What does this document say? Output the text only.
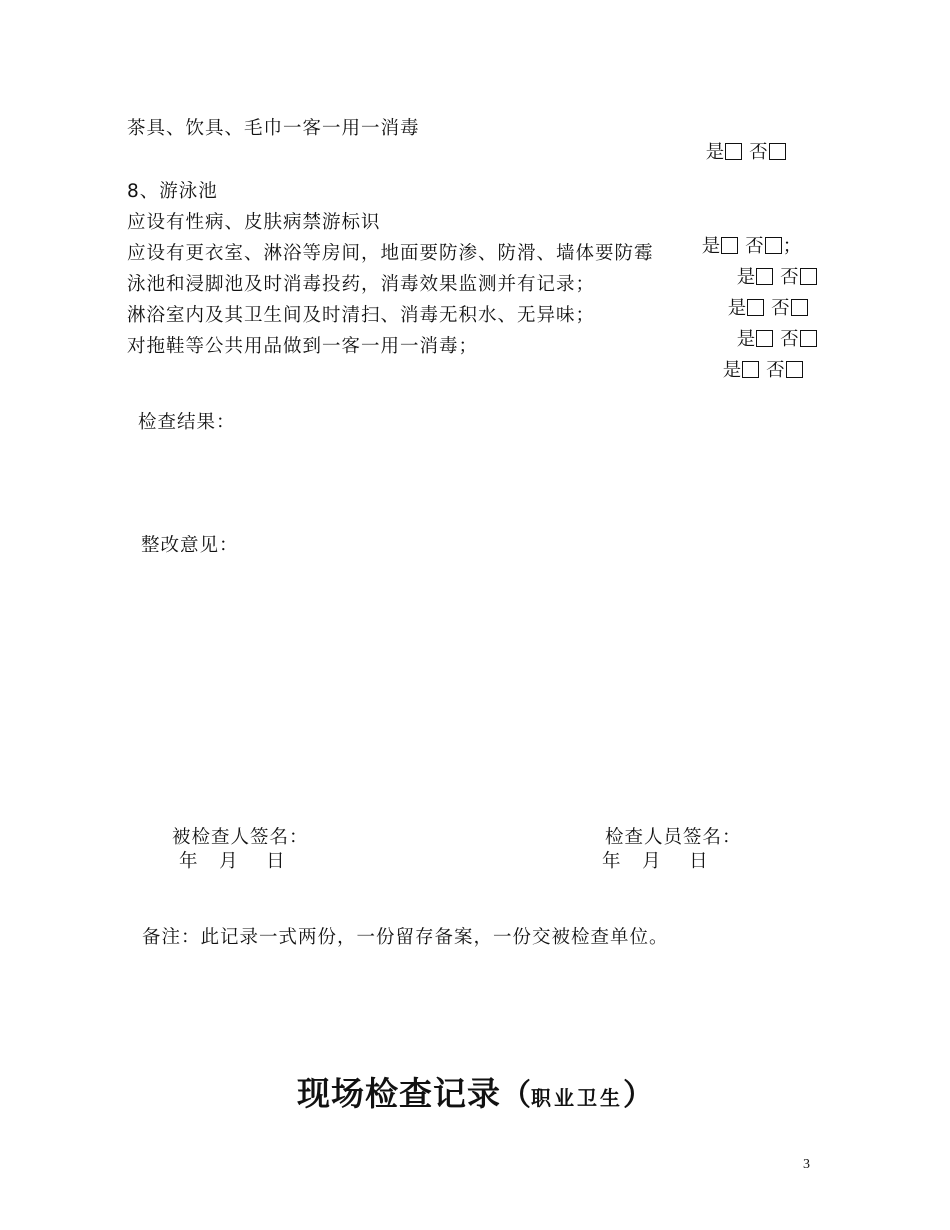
茶具、饮具、毛巾一客一用一消毒

是 否

8、游泳池
应设有性病、皮肤病禁游标识

是 否 ；

应设有更衣室、淋浴等房间，地面要防渗、防滑、墙体要防霉

是 否

泳池和浸脚池及时消毒投药，消毒效果监测并有记录；

是 否

淋浴室内及其卫生间及时清扫、消毒无积水、无异味；

是 否

对拖鞋等公共用品做到一客一用一消毒；

是 否

检查结果：
整改意见：
被检查人签名：	检查人员签名：
年   月    日	年   月    日
备注：此记录一式两份，一份留存备案，一份交被检查单位。
现场检查记录（职业卫生）
3
